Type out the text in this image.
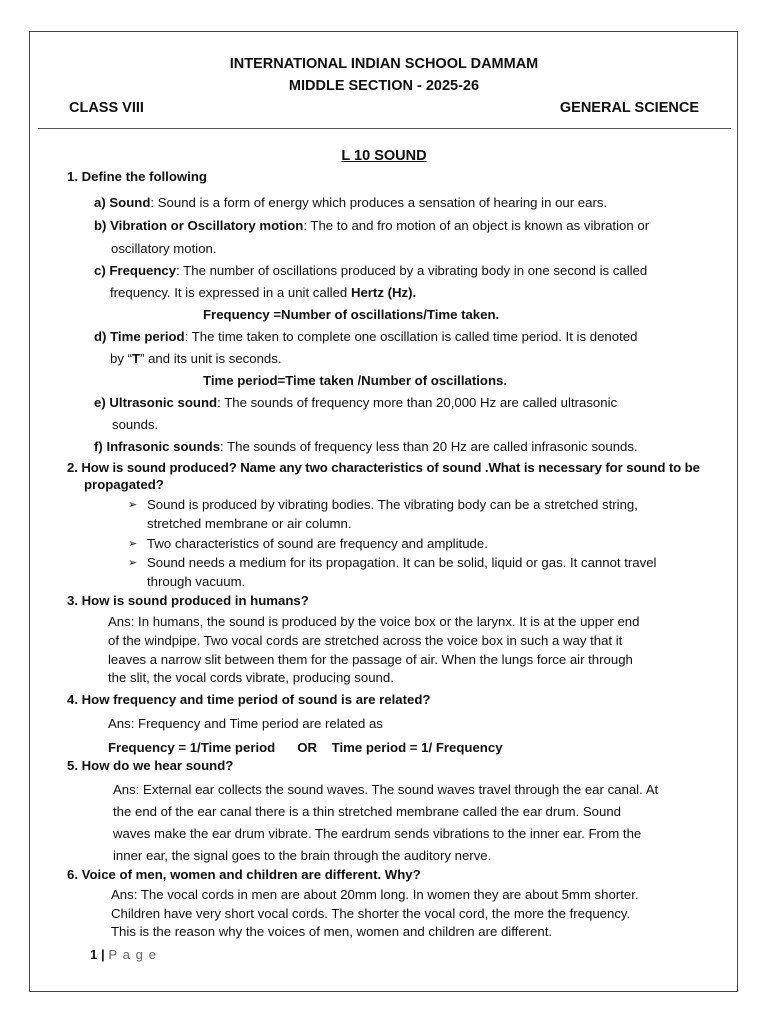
INTERNATIONAL INDIAN SCHOOL DAMMAM
MIDDLE SECTION - 2025-26
CLASS VIII	GENERAL SCIENCE
L 10 SOUND
1. Define the following
a) Sound: Sound is a form of energy which produces a sensation of hearing in our ears.
b) Vibration or Oscillatory motion: The to and fro motion of an object is known as vibration or
oscillatory motion.
c) Frequency: The number of oscillations produced by a vibrating body in one second is called
frequency. It is expressed in a unit called Hertz (Hz).
Frequency =Number of oscillations/Time taken.
d) Time period: The time taken to complete one oscillation is called time period. It is denoted
by “T” and its unit is seconds.
Time period=Time taken /Number of oscillations.
e) Ultrasonic sound: The sounds of frequency more than 20,000 Hz are called ultrasonic
sounds.
f) Infrasonic sounds: The sounds of frequency less than 20 Hz are called infrasonic sounds.
2. How is sound produced? Name any two characteristics of sound .What is necessary for sound to be
propagated?
➢ Sound is produced by vibrating bodies. The vibrating body can be a stretched string,
stretched membrane or air column.
➢ Two characteristics of sound are frequency and amplitude.
➢ Sound needs a medium for its propagation. It can be solid, liquid or gas. It cannot travel
through vacuum.
3. How is sound produced in humans?
Ans: In humans, the sound is produced by the voice box or the larynx. It is at the upper end
of the windpipe. Two vocal cords are stretched across the voice box in such a way that it
leaves a narrow slit between them for the passage of air. When the lungs force air through
the slit, the vocal cords vibrate, producing sound.
4. How frequency and time period of sound is are related?
Ans: Frequency and Time period are related as
Frequency = 1/Time period      OR    Time period = 1/ Frequency
5. How do we hear sound?
Ans: External ear collects the sound waves. The sound waves travel through the ear canal. At
the end of the ear canal there is a thin stretched membrane called the ear drum. Sound
waves make the ear drum vibrate. The eardrum sends vibrations to the inner ear. From the
inner ear, the signal goes to the brain through the auditory nerve.
6. Voice of men, women and children are different. Why?
Ans: The vocal cords in men are about 20mm long. In women they are about 5mm shorter.
Children have very short vocal cords. The shorter the vocal cord, the more the frequency.
This is the reason why the voices of men, women and children are different.
1 | P a g e
